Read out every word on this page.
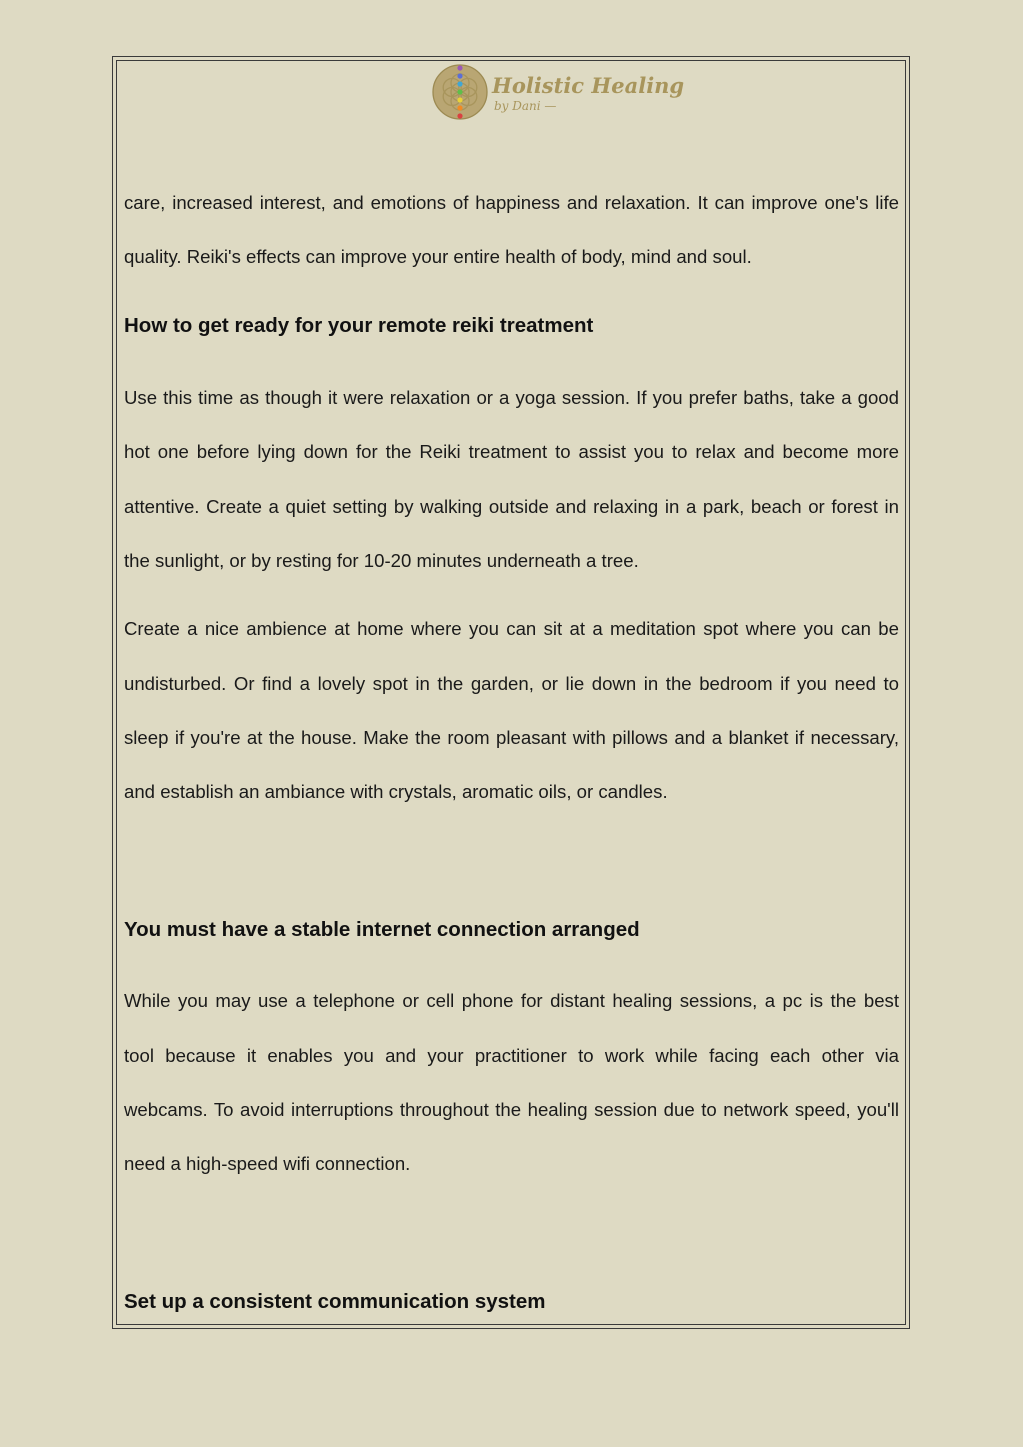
Holistic Healing
by Dani —
care, increased interest, and emotions of happiness and relaxation. It can improve one's life
quality. Reiki's effects can improve your entire health of body, mind and soul.
How to get ready for your remote reiki treatment
Use this time as though it were relaxation or a yoga session. If you prefer baths, take a good
hot one before lying down for the Reiki treatment to assist you to relax and become more
attentive. Create a quiet setting by walking outside and relaxing in a park, beach or forest in
the sunlight, or by resting for 10-20 minutes underneath a tree.
Create a nice ambience at home where you can sit at a meditation spot where you can be
undisturbed. Or find a lovely spot in the garden, or lie down in the bedroom if you need to
sleep if you're at the house. Make the room pleasant with pillows and a blanket if necessary,
and establish an ambiance with crystals, aromatic oils, or candles.
You must have a stable internet connection arranged
While you may use a telephone or cell phone for distant healing sessions, a pc is the best
tool because it enables you and your practitioner to work while facing each other via
webcams. To avoid interruptions throughout the healing session due to network speed, you'll
need a high-speed wifi connection.
Set up a consistent communication system
